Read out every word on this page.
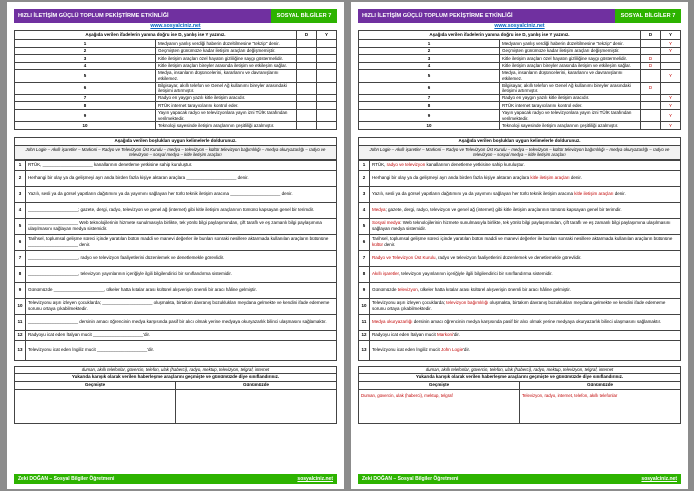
HIZLI İLETİŞİM GÜÇLÜ TOPLUM PEKİŞTİRME ETKİNLİĞİ	SOSYAL BİLGİLER 7
www.sosyalciniz.net
Aşağıda verilen ifadelerin yanına doğru ise D, yanlış ise Y yazınız.		D	Y
1	Medyanın yanlış verdiği haberin düzeltilmesine "tekzip" denir.		
2	Geçmişten günümüze kadar iletişim araçları değişmemiştir.		
3	Kitle iletişim araçları özel hayatın gizliliğine saygı göstermelidir.		
4	Kitle iletişim araçları bireyler arasında iletişim ve etkileşim sağlar.		
5	Medya, insanların düşüncelerini, kararlarını ve davranışlarını etkilemez.		
6	Bilgisayar, akıllı telefon ve Genel Ağ kullanımı bireyler arasındaki iletişimi artırmıştır.		
7	Radyo en yaygın yazılı kitle iletişim aracıdır.		
8	RTÜK internet tarayıcılarını kontrol eder.		
9	Yayın yapacak radyo ve televizyonlara yayın izni TÜİK tarafından verilmektedir.		
10	Teknoloji sayesinde iletişim araçlarının çeşitliliği azalmıştır.		
Aşağıda verilen boşlukları uygun kelimelerle doldurunuz.
John Logie – Akıllı işaretler – Markoni – Radyo ve Televizyon Üst Kurulu – medya – televizyon – kültür televizyon bağımlılığı – medya okuryazarlığı – radyo ve televizyon – sosyal medya – kitle iletişim araçları
1	RTÜK, ____________________ kanallarının denetleme yetkisine sahip kuruluştur.
2	Herhangi bir olay ya da gelişmeyi ayrı anda birden fazla kişiye aktaran araçlara ____________________ denir.
3	Yazılı, sesli ya da görsel yapıtların dağıtımını ya da yayımını sağlayan her türlü teknik iletişim aracına ____________________ denir.
4	____________________; gazete, dergi, radyo, televizyon ve genel ağ (internet) gibi kitle iletişim araçlarının tümünü kapsayan genel bir terimdir.
5	____________________ Web teknolojilerinin hizmete sunulmasıyla birlikte, tek yönlü bilgi paylaşımından, çift taraflı ve eş zamanlı bilgi paylaşımına ulaşılmasını sağlayan medya sistemidir.
6	Tarihsel, toplumsal gelişme süreci içinde yaratılan bütün maddi ve manevi değerler ile bunları sonraki nesillere aktarmada kullanılan araçların bütününe ____________________ denir.
7	____________________, radyo ve televizyon faaliyetlerini düzenlemek ve denetlemekle görevlidir.
8	____________________, televizyon yayınlarının içeriğiyle ilgili bilgilendirici bir sınıflandırma sistemidir.
9	Günümüzde ____________________, ülkeler hatta kıtalar arası kültürel alışverişin önemli bir aracı hâline gelmiştir.
10	Televizyonu aşırı izleyen çocuklarda; ____________________ oluşmakta, birtakım davranış bozuklukları meydana gelmekte ve kendini ifade edememe sorunu ortaya çıkabilmektedir.
11	____________________ dersinin amacı öğrencinin medya karşısında pasif bir alıcı olmak yerine medyaya okuryazarlık bilinci ulaşmasını sağlamaktır.
12	Radyoyu icat eden İtalyan mucit ____________________'dir.
13	Televizyonu icat eden İngiliz mucit ____________________'dir.
duman, akıllı telefonlar, güvercin, telefon, ulak (haberci), radyo, mektup, televizyon, telgraf, internet	
Yukarıda karışık olarak verilen haberleşme araçlarını geçmişte ve günümüzde diye sınıflandırınız.	
Geçmişte	Günümüzde

Zeki DOĞAN – Sosyal Bilgiler Öğretmeni	sosyalciniz.net
HIZLI İLETİŞİM GÜÇLÜ TOPLUM PEKİŞTİRME ETKİNLİĞİ	SOSYAL BİLGİLER 7
www.sosyalciniz.net
Aşağıda verilen ifadelerin yanına doğru ise D, yanlış ise Y yazınız.		D	Y
1	Medyanın yanlış verdiği haberin düzeltilmesine "tekzip" denir.		Y
2	Geçmişten günümüze kadar iletişim araçları değişmemiştir.		Y
3	Kitle iletişim araçları özel hayatın gizliliğine saygı göstermelidir.	D	
4	Kitle iletişim araçları bireyler arasında iletişim ve etkileşim sağlar.	D	
5	Medya, insanların düşüncelerini, kararlarını ve davranışlarını etkilemez.		Y
6	Bilgisayar, akıllı telefon ve Genel Ağ kullanımı bireyler arasındaki iletişimi artırmıştır.	D	
7	Radyo en yaygın yazılı kitle iletişim aracıdır.		Y
8	RTÜK internet tarayıcılarını kontrol eder.		Y
9	Yayın yapacak radyo ve televizyonlara yayın izni TÜİK tarafından verilmektedir.		Y
10	Teknoloji sayesinde iletişim araçlarının çeşitliliği azalmıştır.		Y
Aşağıda verilen boşlukları uygun kelimelerle doldurunuz.
John Logie – Akıllı işaretler – Markoni – Radyo ve Televizyon Üst Kurulu – medya – televizyon – kültür televizyon bağımlılığı – medya okuryazarlığı – radyo ve televizyon – sosyal medya – kitle iletişim araçları
1	RTÜK, radyo ve televizyon kanallarının denetleme yetkisine sahip kuruluştur.
2	Herhangi bir olay ya da gelişmeyi ayrı anda birden fazla kişiye aktaran araçlara kitle iletişim araçları denir.
3	Yazılı, sesli ya da görsel yapıtların dağıtımını ya da yayımını sağlayan her türlü teknik iletişim aracına kitle iletişim araçları denir.
4	Medya; gazete, dergi, radyo, televizyon ve genel ağ (internet) gibi kitle iletişim araçlarının tümünü kapsayan genel bir terimdir.
5	Sosyal medya: Web teknolojilerinin hizmete sunulmasıyla birlikte, tek yönlü bilgi paylaşımından, çift taraflı ve eş zamanlı bilgi paylaşımına ulaşılmasını sağlayan medya sistemidir.
6	Tarihsel, toplumsal gelişme süreci içinde yaratılan bütün maddi ve manevi değerler ile bunları sonraki nesillere aktarmada kullanılan araçların bütününe kültür denir.
7	Radyo ve Televizyon Üst Kurulu, radyo ve televizyon faaliyetlerini düzenlemek ve denetlemekle görevlidir.
8	Akıllı işaretler, televizyon yayınlarının içeriğiyle ilgili bilgilendirici bir sınıflandırma sistemidir.
9	Günümüzde televizyon, ülkeler hatta kıtalar arası kültürel alışverişin önemli bir aracı hâline gelmiştir.
10	Televizyonu aşırı izleyen çocuklarda; televizyon bağımlılığı oluşmakta, birtakım davranış bozuklukları meydana gelmekte ve kendini ifade edememe sorunu ortaya çıkabilmektedir.
11	Medya okuryazarlığı dersinin amacı öğrencinin medya karşısında pasif bir alıcı olmak yerine medyaya okuryazarlık bilinci ulaşmasını sağlamaktır.
12	Radyoyu icat eden İtalyan mucit Markoni'dir.
13	Televizyonu icat eden İngiliz mucit John Logie'dir.
duman, akıllı telefonlar, güvercin, telefon, ulak (haberci), radyo, mektup, televizyon, telgraf, internet	
Yukarıda karışık olarak verilen haberleşme araçlarını geçmişte ve günümüzde diye sınıflandırınız.	
Geçmişte	Günümüzde
Duman, güvercin, ulak (haberci), mektup, telgraf	Televizyon, radyo, internet, telefon, akıllı telefonlar
Zeki DOĞAN – Sosyal Bilgiler Öğretmeni	sosyalciniz.net
